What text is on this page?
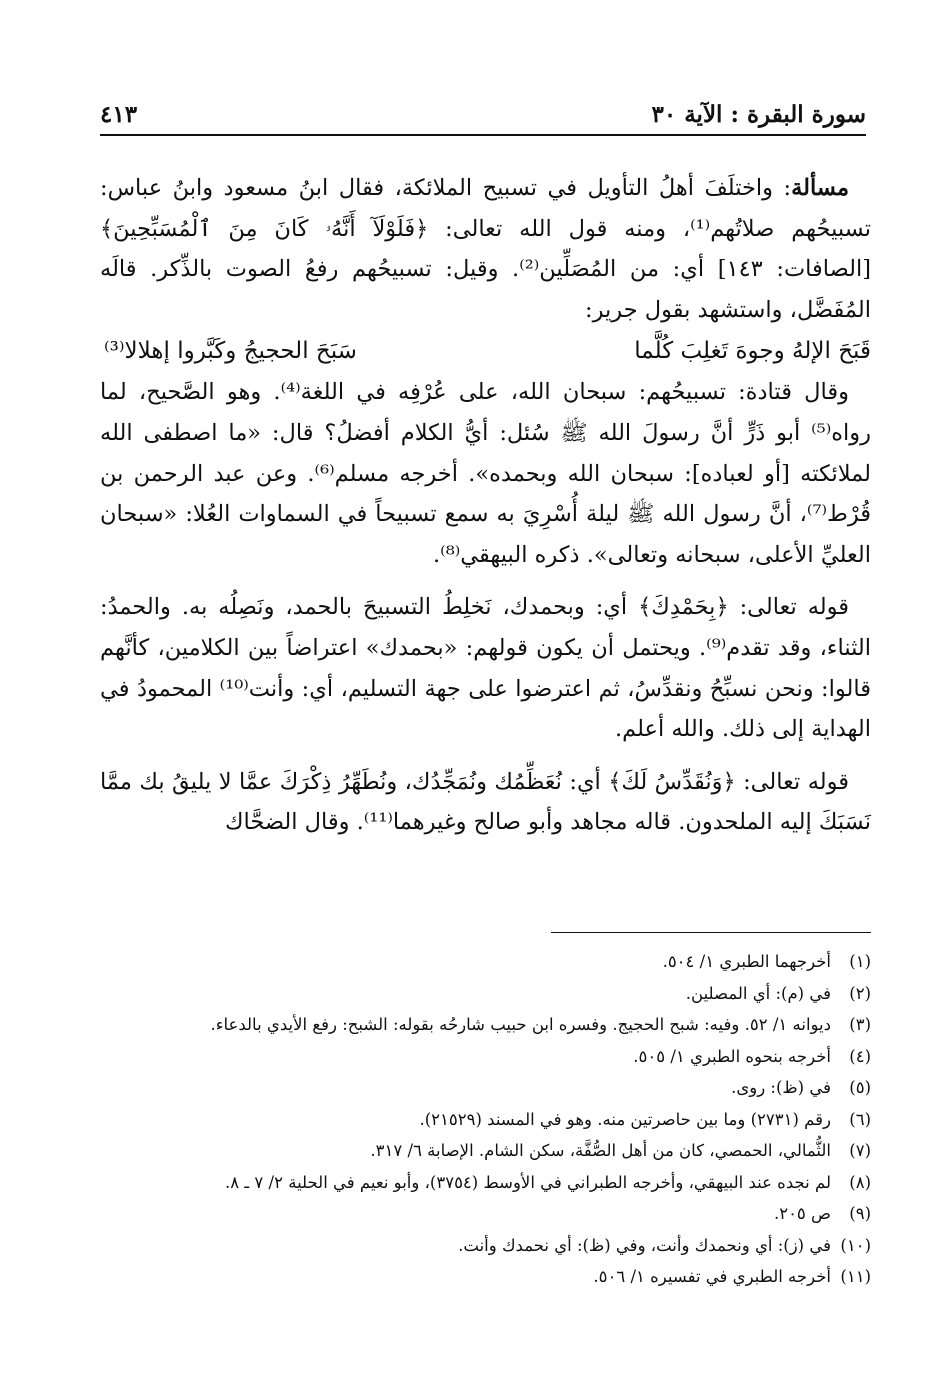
سورة البقرة : الآية ٣٠
٤١٣

مسألة: واختلَفَ أهلُ التأويل في تسبيح الملائكة، فقال ابنُ مسعود وابنُ عباس: تسبيحُهم صلاتُهم⁽¹⁾، ومنه قول الله تعالى: ﴿فَلَوْلَآ أَنَّهُۥ كَانَ مِنَ ٱلْمُسَبِّحِينَ﴾ [الصافات: ١٤٣] أي: من المُصَلِّين⁽²⁾. وقيل: تسبيحُهم رفعُ الصوت بالذِّكر. قالَه المُفَضَّل، واستشهد بقول جرير:

قَبَحَ الإلهُ وجوهَ تَغلِبَ كُلَّما
سَبَحَ الحجيجُ وكَبَّروا إهلالا⁽³⁾

وقال قتادة: تسبيحُهم: سبحان الله، على عُرْفِه في اللغة⁽⁴⁾. وهو الصَّحيح، لما رواه⁽⁵⁾ أبو ذَرٍّ أنَّ رسولَ الله ﷺ سُئل: أيُّ الكلام أفضلُ؟ قال: «ما اصطفى الله لملائكته [أو لعباده]: سبحان الله وبحمده». أخرجه مسلم⁽⁶⁾. وعن عبد الرحمن بن قُرْط⁽⁷⁾، أنَّ رسول الله ﷺ ليلة أُسْرِيَ به سمع تسبيحاً في السماوات العُلا: «سبحان العليِّ الأعلى، سبحانه وتعالى». ذكره البيهقي⁽⁸⁾.

قوله تعالى: ﴿بِحَمْدِكَ﴾ أي: وبحمدك، نَخلِطُ التسبيحَ بالحمد، ونَصِلُه به. والحمدُ: الثناء، وقد تقدم⁽⁹⁾. ويحتمل أن يكون قولهم: «بحمدك» اعتراضاً بين الكلامين، كأنَّهم قالوا: ونحن نسبِّحُ ونقدِّسُ، ثم اعترضوا على جهة التسليم، أي: وأنت⁽¹⁰⁾ المحمودُ في الهداية إلى ذلك. والله أعلم.

قوله تعالى: ﴿وَنُقَدِّسُ لَكَ﴾ أي: نُعَظِّمُك ونُمَجِّدُك، ونُطَهِّرُ ذِكْرَكَ عمَّا لا يليقُ بك ممَّا نَسَبَكَ إليه الملحدون. قاله مجاهد وأبو صالح وغيرهما⁽¹¹⁾. وقال الضحَّاك

(١)
أخرجهما الطبري ١/ ٥٠٤.
(٢)
في (م): أي المصلين.
(٣)
ديوانه ١/ ٥٢. وفيه: شبح الحجيج. وفسره ابن حبيب شارحُه بقوله: الشبح: رفع الأيدي بالدعاء.
(٤)
أخرجه بنحوه الطبري ١/ ٥٠٥.
(٥)
في (ظ): روى.
(٦)
رقم (٢٧٣١) وما بين حاصرتين منه. وهو في المسند (٢١٥٢٩).
(٧)
الثُّمالي، الحمصي، كان من أهل الصُّفَّة، سكن الشام. الإصابة ٦/ ٣١٧.
(٨)
لم نجده عند البيهقي، وأخرجه الطبراني في الأوسط (٣٧٥٤)، وأبو نعيم في الحلية ٢/ ٧ ـ ٨.
(٩)
ص ٢٠٥.
(١٠)
في (ز): أي ونحمدك وأنت، وفي (ظ): أي نحمدك وأنت.
(١١)
أخرجه الطبري في تفسيره ١/ ٥٠٦.
